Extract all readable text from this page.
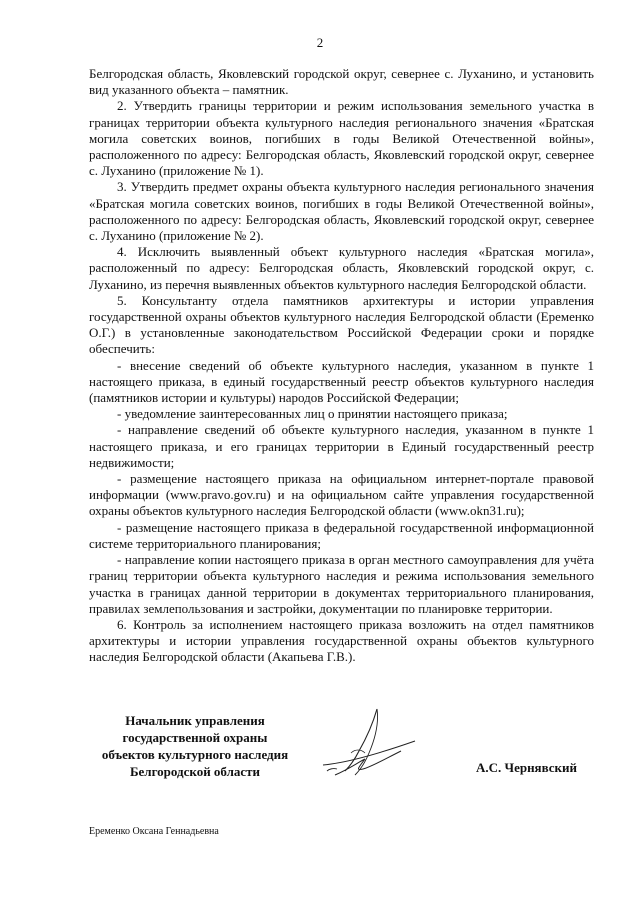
2

Белгородская область, Яковлевский городской округ, севернее с. Луханино, и установить вид указанного объекта – памятник.

2. Утвердить границы территории и режим использования земельного участка в границах территории объекта культурного наследия регионального значения «Братская могила советских воинов, погибших в годы Великой Отечественной войны», расположенного по адресу: Белгородская область, Яковлевский городской округ, севернее с. Луханино (приложение № 1).

3. Утвердить предмет охраны объекта культурного наследия регионального значения «Братская могила советских воинов, погибших в годы Великой Отечественной войны», расположенного по адресу: Белгородская область, Яковлевский городской округ, севернее с. Луханино (приложение № 2).

4. Исключить выявленный объект культурного наследия «Братская могила», расположенный по адресу: Белгородская область, Яковлевский городской округ, с. Луханино, из перечня выявленных объектов культурного наследия Белгородской области.

5. Консультанту отдела памятников архитектуры и истории управления государственной охраны объектов культурного наследия Белгородской области (Еременко О.Г.) в установленные законодательством Российской Федерации сроки и порядке обеспечить:

- внесение сведений об объекте культурного наследия, указанном в пункте 1 настоящего приказа, в единый государственный реестр объектов культурного наследия (памятников истории и культуры) народов Российской Федерации;

- уведомление заинтересованных лиц о принятии настоящего приказа;

- направление сведений об объекте культурного наследия, указанном в пункте 1 настоящего приказа, и его границах территории в Единый государственный реестр недвижимости;

- размещение настоящего приказа на официальном интернет-портале правовой информации (www.pravo.gov.ru) и на официальном сайте управления государственной охраны объектов культурного наследия Белгородской области (www.okn31.ru);

- размещение настоящего приказа в федеральной государственной информационной системе территориального планирования;

- направление копии настоящего приказа в орган местного самоуправления для учёта границ территории объекта культурного наследия и режима использования земельного участка в границах данной территории в документах территориального планирования, правилах землепользования и застройки, документации по планировке территории.

6. Контроль за исполнением настоящего приказа возложить на отдел памятников архитектуры и истории управления государственной охраны объектов культурного наследия Белгородской области (Акапьева Г.В.).

Начальник управления
государственной охраны
объектов культурного наследия
Белгородской области	А.С. Чернявский
Еременко Оксана Геннадьевна
